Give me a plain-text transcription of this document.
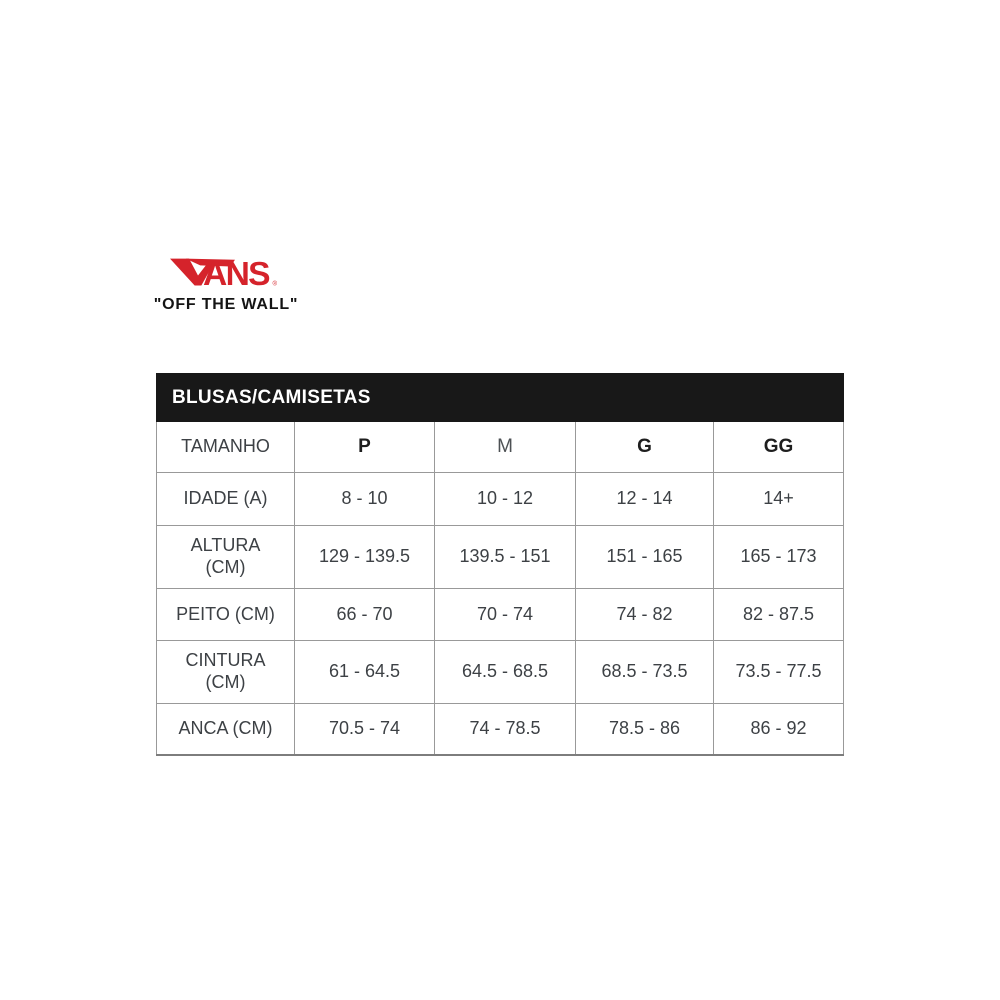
ANS ®
"OFF THE WALL"
BLUSAS/CAMISETAS				
TAMANHO	P	M	G	GG

IDADE (A)	8 - 10	10 - 12	12 - 14	14+

ALTURA
(CM)	129 - 139.5	139.5 - 151	151 - 165	165 - 173

PEITO (CM)	66 - 70	70 - 74	74 - 82	82 - 87.5

CINTURA
(CM)	61 - 64.5	64.5 - 68.5	68.5 - 73.5	73.5 - 77.5

ANCA (CM)	70.5 - 74	74 - 78.5	78.5 - 86	86 - 92
